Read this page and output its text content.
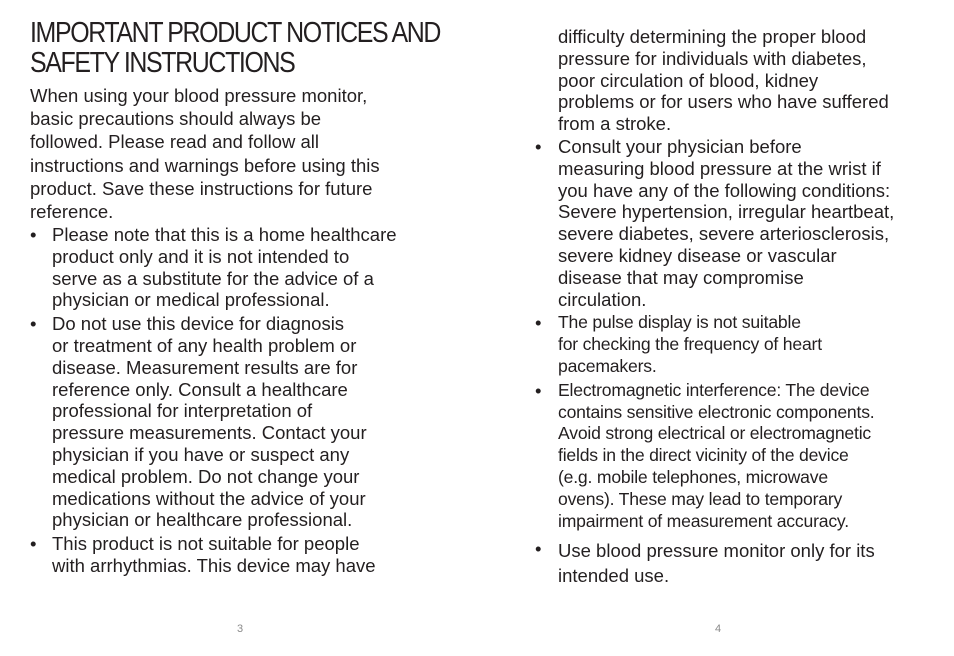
IMPORTANT PRODUCT NOTICES AND
SAFETY INSTRUCTIONS

When using your blood pressure monitor,
basic precautions should always be
followed. Please read and follow all
instructions and warnings before using this
product. Save these instructions for future
reference.

• Please note that this is a home healthcare
product only and it is not intended to
serve as a substitute for the advice of a
physician or medical professional.
• Do not use this device for diagnosis
or treatment of any health problem or
disease. Measurement results are for
reference only. Consult a healthcare
professional for interpretation of
pressure measurements. Contact your
physician if you have or suspect any
medical problem. Do not change your
medications without the advice of your
physician or healthcare professional.
• This product is not suitable for people
with arrhythmias. This device may have
3

difficulty determining the proper blood
pressure for individuals with diabetes,
poor circulation of blood, kidney
problems or for users who have suffered
from a stroke.

• Consult your physician before
measuring blood pressure at the wrist if
you have any of the following conditions:
Severe hypertension, irregular heartbeat,
severe diabetes, severe arteriosclerosis,
severe kidney disease or vascular
disease that may compromise
circulation.
• The pulse display is not suitable
for checking the frequency of heart
pacemakers.
• Electromagnetic interference: The device
contains sensitive electronic components.
Avoid strong electrical or electromagnetic
fields in the direct vicinity of the device
(e.g. mobile telephones, microwave
ovens). These may lead to temporary
impairment of measurement accuracy.
• Use blood pressure monitor only for its
intended use.
4
